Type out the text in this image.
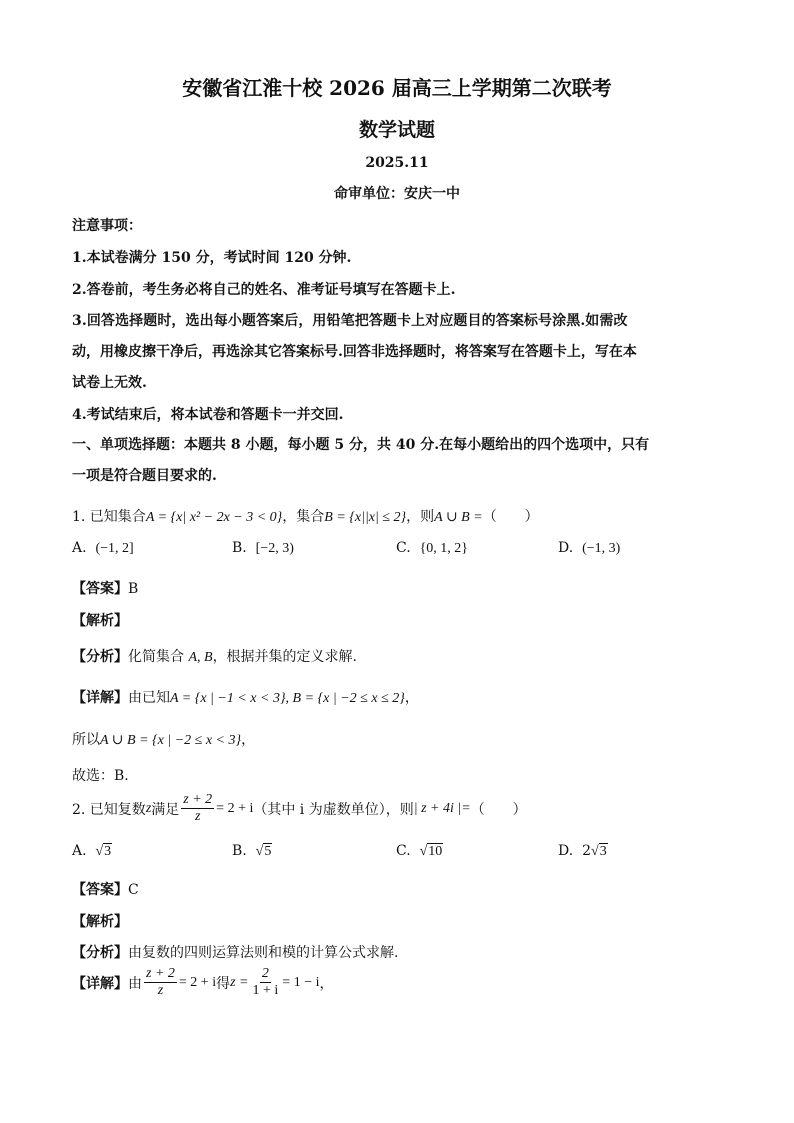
安徽省江淮十校 2026 届高三上学期第二次联考
数学试题
2025.11
命审单位：安庆一中
注意事项：
1.本试卷满分 150 分，考试时间 120 分钟.
2.答卷前，考生务必将自己的姓名、准考证号填写在答题卡上.
3.回答选择题时，选出每小题答案后，用铅笔把答题卡上对应题目的答案标号涂黑.如需改
动，用橡皮擦干净后，再选涂其它答案标号.回答非选择题时，将答案写在答题卡上，写在本
试卷上无效.
4.考试结束后，将本试卷和答题卡一并交回.
一、单项选择题：本题共 8 小题，每小题 5 分，共 40 分.在每小题给出的四个选项中，只有
一项是符合题目要求的.
1. 已知集合A = {x| x² − 2x − 3 < 0}，集合B = {x||x| ≤ 2}，则A ∪ B =（　　）
A. (−1, 2]	B. [−2, 3)	C. {0, 1, 2}	D. (−1, 3)
【答案】B
【解析】
【分析】化简集合 A, B，根据并集的定义求解.
【详解】由已知A = {x | −1 < x < 3}, B = {x | −2 ≤ x ≤ 2}，
所以A ∪ B = {x | −2 ≤ x < 3}，
故选：B.
2. 已知复数 z 满足 $\frac{z + 2}{z} = 2 + i$ （其中 i 为虚数单位），则 | z + 4i |= （　　）
A. √3	B. √5	C. √10	D. 2√3
【答案】C
【解析】
【分析】由复数的四则运算法则和模的计算公式求解.
【详解】 由 $\frac{z + 2}{z} = 2 + i$ 得 $z = \frac{2}{1 + i} = 1 - i$ ，
